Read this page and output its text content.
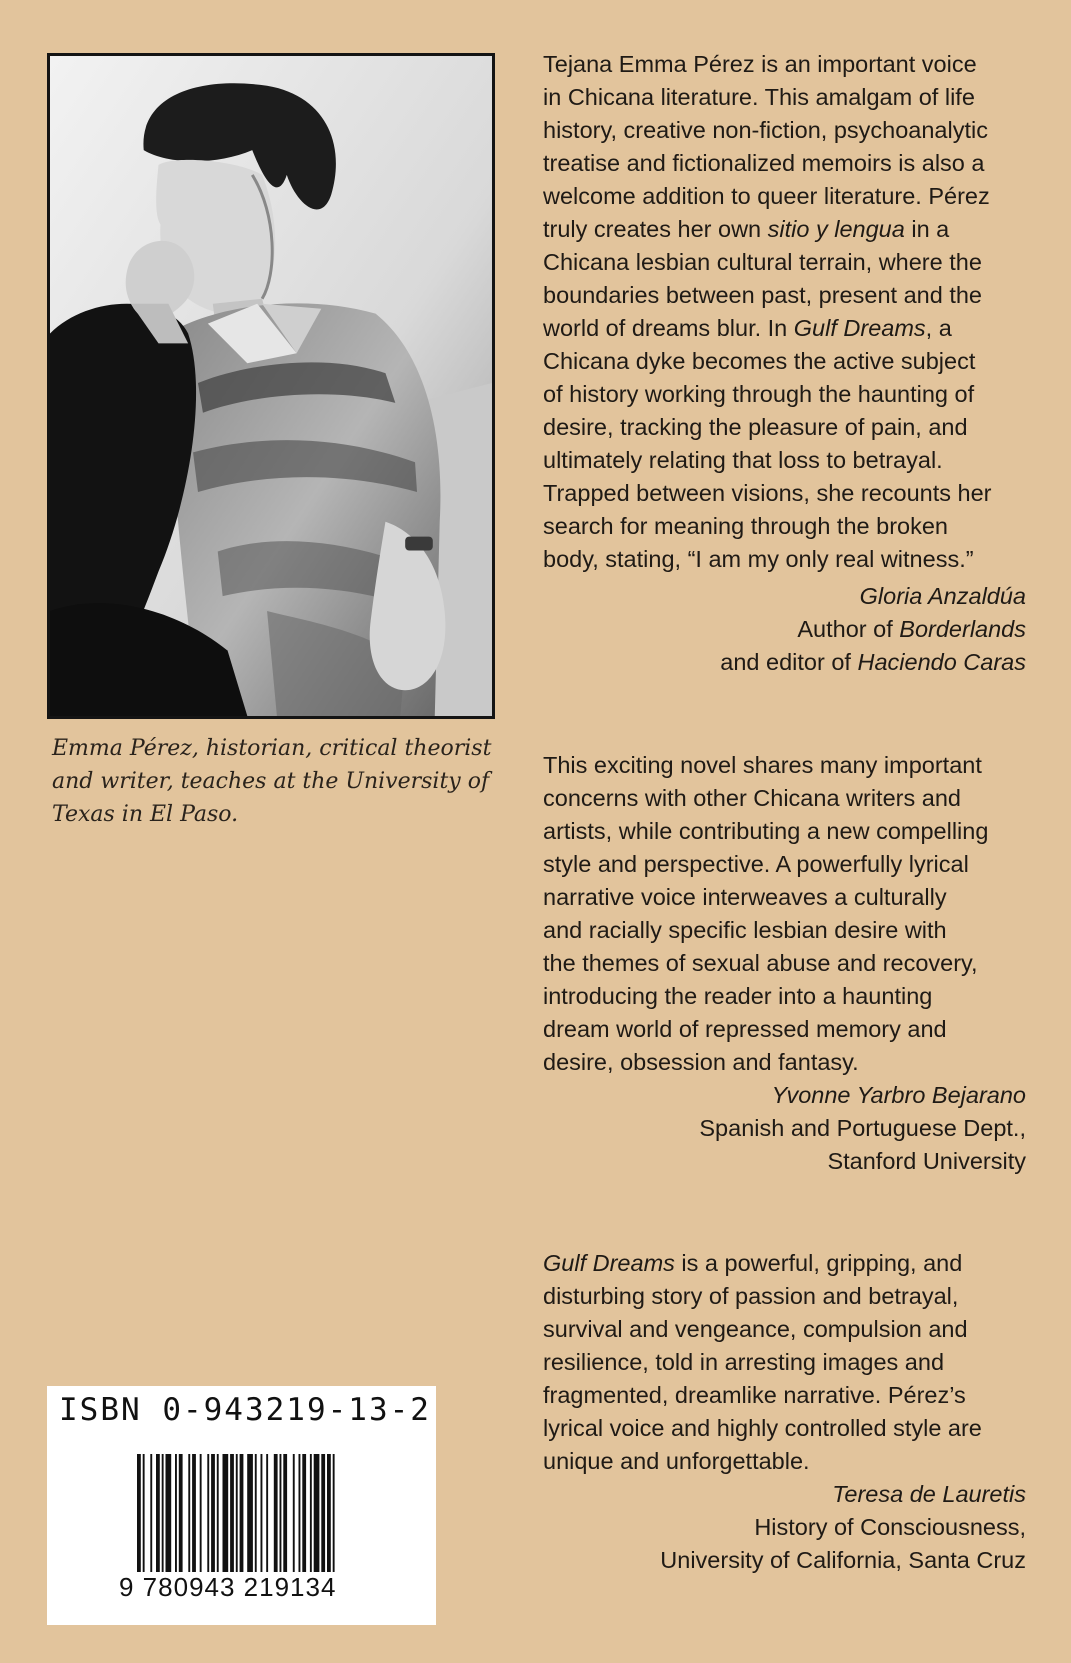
Emma Pérez, historian, critical theorist
and writer, teaches at the University of
Texas in El Paso.

Tejana Emma Pérez is an important voice

in Chicana literature. This amalgam of life

history, creative non-fiction, psychoanalytic

treatise and fictionalized memoirs is also a

welcome addition to queer literature. Pérez

truly creates her own sitio y lengua in a

Chicana lesbian cultural terrain, where the

boundaries between past, present and the

world of dreams blur. In Gulf Dreams, a

Chicana dyke becomes the active subject

of history working through the haunting of

desire, tracking the pleasure of pain, and

ultimately relating that loss to betrayal.

Trapped between visions, she recounts her

search for meaning through the broken

body, stating, “I am my only real witness.”

Gloria Anzaldúa
Author of Borderlands
and editor of Haciendo Caras

This exciting novel shares many important

concerns with other Chicana writers and

artists, while contributing a new compelling

style and perspective. A powerfully lyrical

narrative voice interweaves a culturally

and racially specific lesbian desire with

the themes of sexual abuse and recovery,

introducing the reader into a haunting

dream world of repressed memory and

desire, obsession and fantasy.

Yvonne Yarbro Bejarano
Spanish and Portuguese Dept.,
Stanford University

Gulf Dreams is a powerful, gripping, and

disturbing story of passion and betrayal,

survival and vengeance, compulsion and

resilience, told in arresting images and

fragmented, dreamlike narrative. Pérez’s

lyrical voice and highly controlled style are

unique and unforgettable.

Teresa de Lauretis
History of Consciousness,
University of California, Santa Cruz
ISBN 0-943219-13-2
9 780943 219134
